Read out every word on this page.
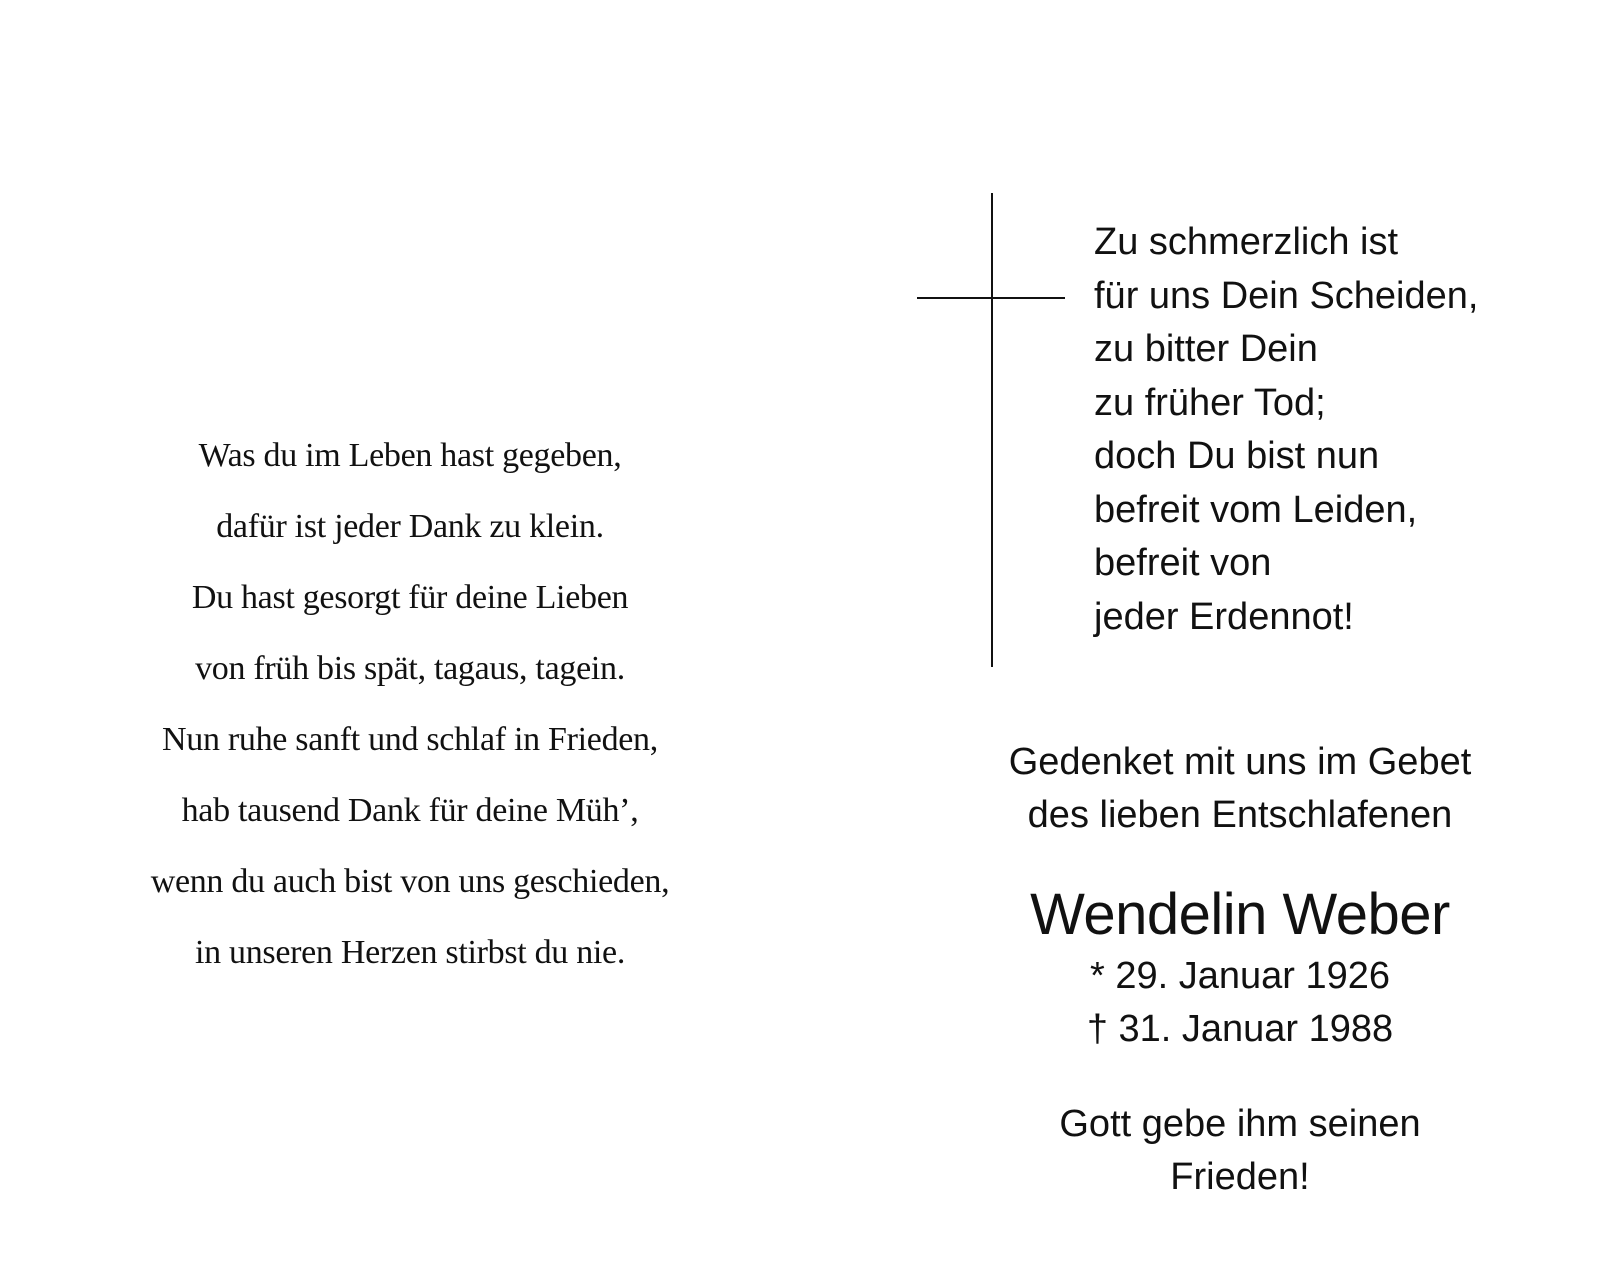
Was du im Leben hast gegeben,
dafür ist jeder Dank zu klein.
Du hast gesorgt für deine Lieben
von früh bis spät, tagaus, tagein.
Nun ruhe sanft und schlaf in Frieden,
hab tausend Dank für deine Müh’,
wenn du auch bist von uns geschieden,
in unseren Herzen stirbst du nie.
Zu schmerzlich ist
für uns Dein Scheiden,
zu bitter Dein
zu früher Tod;
doch Du bist nun
befreit vom Leiden,
befreit von
jeder Erdennot!
Gedenket mit uns im Gebet
des lieben Entschlafenen
Wendelin Weber
* 29. Januar 1926
† 31. Januar 1988
Gott gebe ihm seinen
Frieden!
